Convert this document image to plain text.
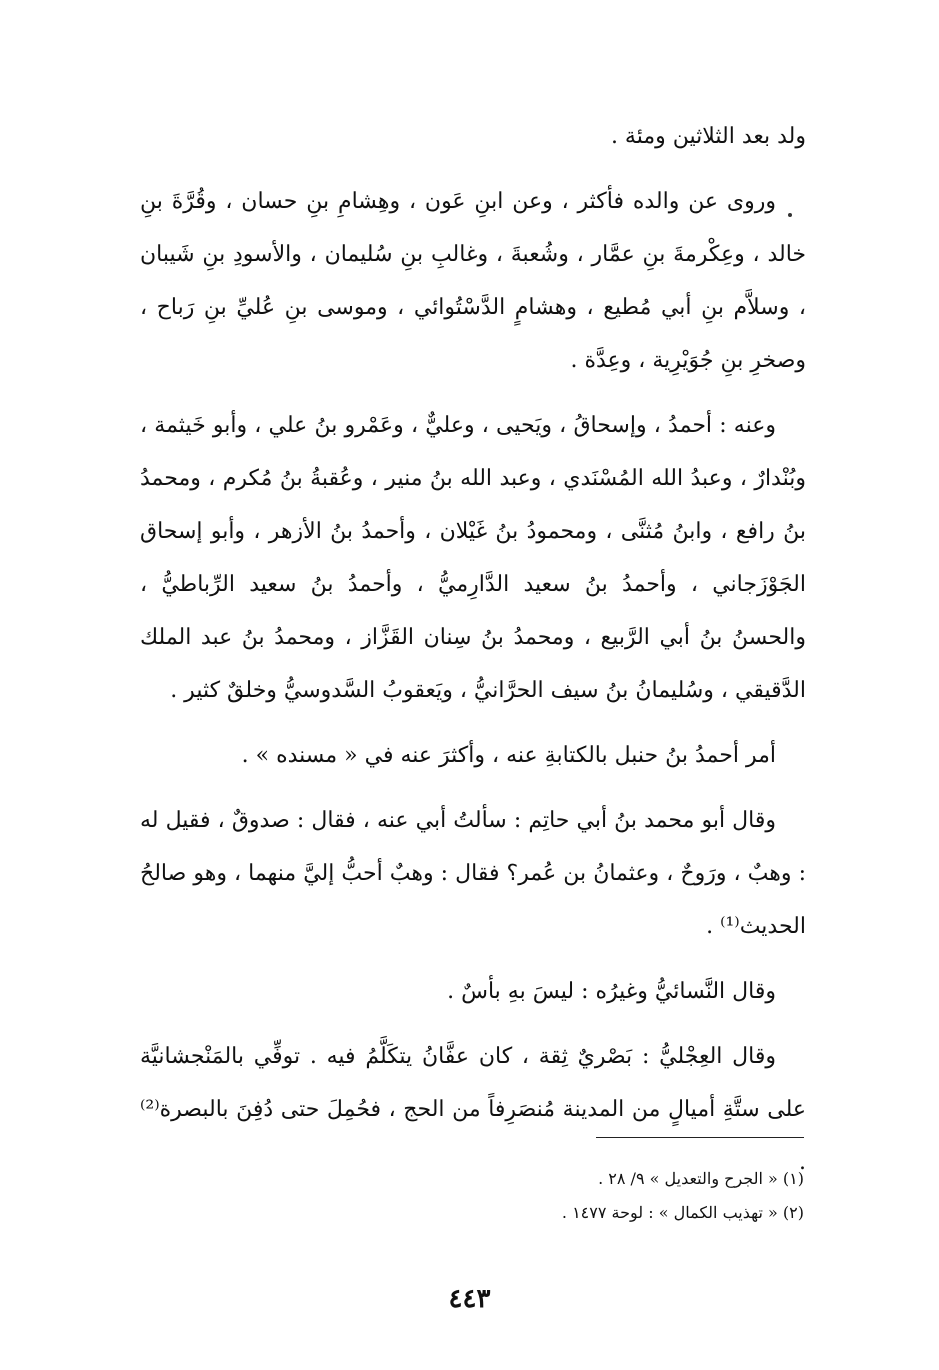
ولد بعد الثلاثين ومئة .

وروى عن والده فأكثر ، وعن ابنِ عَون ، وهِشامِ بنِ حسان ، وقُرَّةَ بنِ خالد ، وعِكْرمةَ بنِ عمَّار ، وشُعبةَ ، وغالبِ بنِ سُليمان ، والأسودِ بنِ شَيبان ، وسلاَّم بنِ أبي مُطيع ، وهشامٍ الدَّسْتُوائي ، وموسى بنِ عُليِّ بنِ رَباح ، وصخرِ بنِ جُوَيْرِية ، وعِدَّة .

وعنه : أحمدُ ، وإسحاقُ ، ويَحيى ، وعليٌّ ، وعَمْرو بنُ علي ، وأبو خَيثمة ، وبُنْدارٌ ، وعبدُ الله المُسْنَدي ، وعبد الله بنُ منير ، وعُقبةُ بنُ مُكرم ، ومحمدُ بنُ رافع ، وابنُ مُثنَّى ، ومحمودُ بنُ غَيْلان ، وأحمدُ بنُ الأزهر ، وأبو إسحاق الجَوْزَجاني ، وأحمدُ بنُ سعيد الدَّارِميُّ ، وأحمدُ بنُ سعيد الرِّباطيُّ ، والحسنُ بنُ أبي الرَّبيع ، ومحمدُ بنُ سِنان القَزَّاز ، ومحمدُ بنُ عبد الملك الدَّقيقي ، وسُليمانُ بنُ سيف الحرَّانيُّ ، ويَعقوبُ السَّدوسيُّ وخلقٌ كثير .

أمر أحمدُ بنُ حنبل بالكتابةِ عنه ، وأكثرَ عنه في « مسنده » .

وقال أبو محمد بنُ أبي حاتِم : سألتُ أبي عنه ، فقال : صدوقٌ ، فقيل له : وهبٌ ، ورَوحٌ ، وعثمانُ بن عُمر؟ فقال : وهبٌ أحبُّ إليَّ منهما ، وهو صالحُ الحديث⁽¹⁾ .

وقال النَّسائيُّ وغيرُه : ليسَ بهِ بأسٌ .

وقال العِجْليُّ : بَصْريٌ ثِقة ، كان عفَّانُ يتكَلَّمُ فيه . توفِّي بالمَنْجشانيَّة على ستَّةِ أميالٍ من المدينة مُنصَرِفاً من الحج ، فحُمِلَ حتى دُفِنَ بالبصرة⁽²⁾ .

(١) « الجرح والتعديل » ٩/ ٢٨ .
(٢) « تهذيب الكمال » : لوحة ١٤٧٧ .
٤٤٣
